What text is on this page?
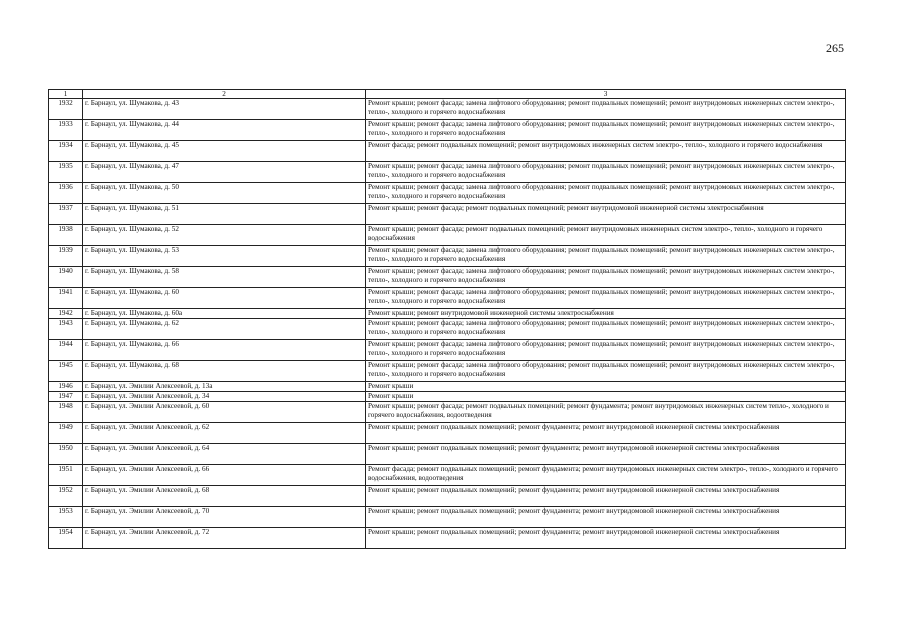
265
1	2	3
1932	г. Барнаул, ул. Шумакова, д. 43	Ремонт крыши; ремонт фасада; замена лифтового оборудования; ремонт подвальных помещений; ремонт внутридомовых инженерных систем электро-, тепло-, холодного и горячего водоснабжения
1933	г. Барнаул, ул. Шумакова, д. 44	Ремонт крыши; ремонт фасада; замена лифтового оборудования; ремонт подвальных помещений; ремонт внутридомовых инженерных систем электро-, тепло-, холодного и горячего водоснабжения
1934	г. Барнаул, ул. Шумакова, д. 45	Ремонт фасада; ремонт подвальных помещений; ремонт внутридомовых инженерных систем электро-, тепло-, холодного и горячего водоснабжения
1935	г. Барнаул, ул. Шумакова, д. 47	Ремонт крыши; ремонт фасада; замена лифтового оборудования; ремонт подвальных помещений; ремонт внутридомовых инженерных систем электро-, тепло-, холодного и горячего водоснабжения
1936	г. Барнаул, ул. Шумакова, д. 50	Ремонт крыши; ремонт фасада; замена лифтового оборудования; ремонт подвальных помещений; ремонт внутридомовых инженерных систем электро-, тепло-, холодного и горячего водоснабжения
1937	г. Барнаул, ул. Шумакова, д. 51	Ремонт крыши; ремонт фасада; ремонт подвальных помещений; ремонт внутридомовой инженерной системы электроснабжения
1938	г. Барнаул, ул. Шумакова, д. 52	Ремонт крыши; ремонт фасада; ремонт подвальных помещений; ремонт внутридомовых инженерных систем электро-, тепло-, холодного и горячего водоснабжения
1939	г. Барнаул, ул. Шумакова, д. 53	Ремонт крыши; ремонт фасада; замена лифтового оборудования; ремонт подвальных помещений; ремонт внутридомовых инженерных систем электро-, тепло-, холодного и горячего водоснабжения
1940	г. Барнаул, ул. Шумакова, д. 58	Ремонт крыши; ремонт фасада; замена лифтового оборудования; ремонт подвальных помещений; ремонт внутридомовых инженерных систем электро-, тепло-, холодного и горячего водоснабжения
1941	г. Барнаул, ул. Шумакова, д. 60	Ремонт крыши; ремонт фасада; замена лифтового оборудования; ремонт подвальных помещений; ремонт внутридомовых инженерных систем электро-, тепло-, холодного и горячего водоснабжения
1942	г. Барнаул, ул. Шумакова, д. 60а	Ремонт крыши; ремонт внутридомовой инженерной системы электроснабжения
1943	г. Барнаул, ул. Шумакова, д. 62	Ремонт крыши; ремонт фасада; замена лифтового оборудования; ремонт подвальных помещений; ремонт внутридомовых инженерных систем электро-, тепло-, холодного и горячего водоснабжения
1944	г. Барнаул, ул. Шумакова, д. 66	Ремонт крыши; ремонт фасада; замена лифтового оборудования; ремонт подвальных помещений; ремонт внутридомовых инженерных систем электро-, тепло-, холодного и горячего водоснабжения
1945	г. Барнаул, ул. Шумакова, д. 68	Ремонт крыши; ремонт фасада; замена лифтового оборудования; ремонт подвальных помещений; ремонт внутридомовых инженерных систем электро-, тепло-, холодного и горячего водоснабжения
1946	г. Барнаул, ул. Эмилии Алексеевой, д. 13а	Ремонт крыши
1947	г. Барнаул, ул. Эмилии Алексеевой, д. 34	Ремонт крыши
1948	г. Барнаул, ул. Эмилии Алексеевой, д. 60	Ремонт крыши; ремонт фасада; ремонт подвальных помещений; ремонт фундамента; ремонт внутридомовых инженерных систем тепло-, холодного и горячего водоснабжения, водоотведения
1949	г. Барнаул, ул. Эмилии Алексеевой, д. 62	Ремонт крыши; ремонт подвальных помещений; ремонт фундамента; ремонт внутридомовой инженерной системы электроснабжения
1950	г. Барнаул, ул. Эмилии Алексеевой, д. 64	Ремонт крыши; ремонт подвальных помещений; ремонт фундамента; ремонт внутридомовой инженерной системы электроснабжения
1951	г. Барнаул, ул. Эмилии Алексеевой, д. 66	Ремонт фасада; ремонт подвальных помещений; ремонт фундамента; ремонт внутридомовых инженерных систем электро-, тепло-, холодного и горячего водоснабжения, водоотведения
1952	г. Барнаул, ул. Эмилии Алексеевой, д. 68	Ремонт крыши; ремонт подвальных помещений; ремонт фундамента; ремонт внутридомовой инженерной системы электроснабжения
1953	г. Барнаул, ул. Эмилии Алексеевой, д. 70	Ремонт крыши; ремонт подвальных помещений; ремонт фундамента; ремонт внутридомовой инженерной системы электроснабжения
1954	г. Барнаул, ул. Эмилии Алексеевой, д. 72	Ремонт крыши; ремонт подвальных помещений; ремонт фундамента; ремонт внутридомовой инженерной системы электроснабжения
